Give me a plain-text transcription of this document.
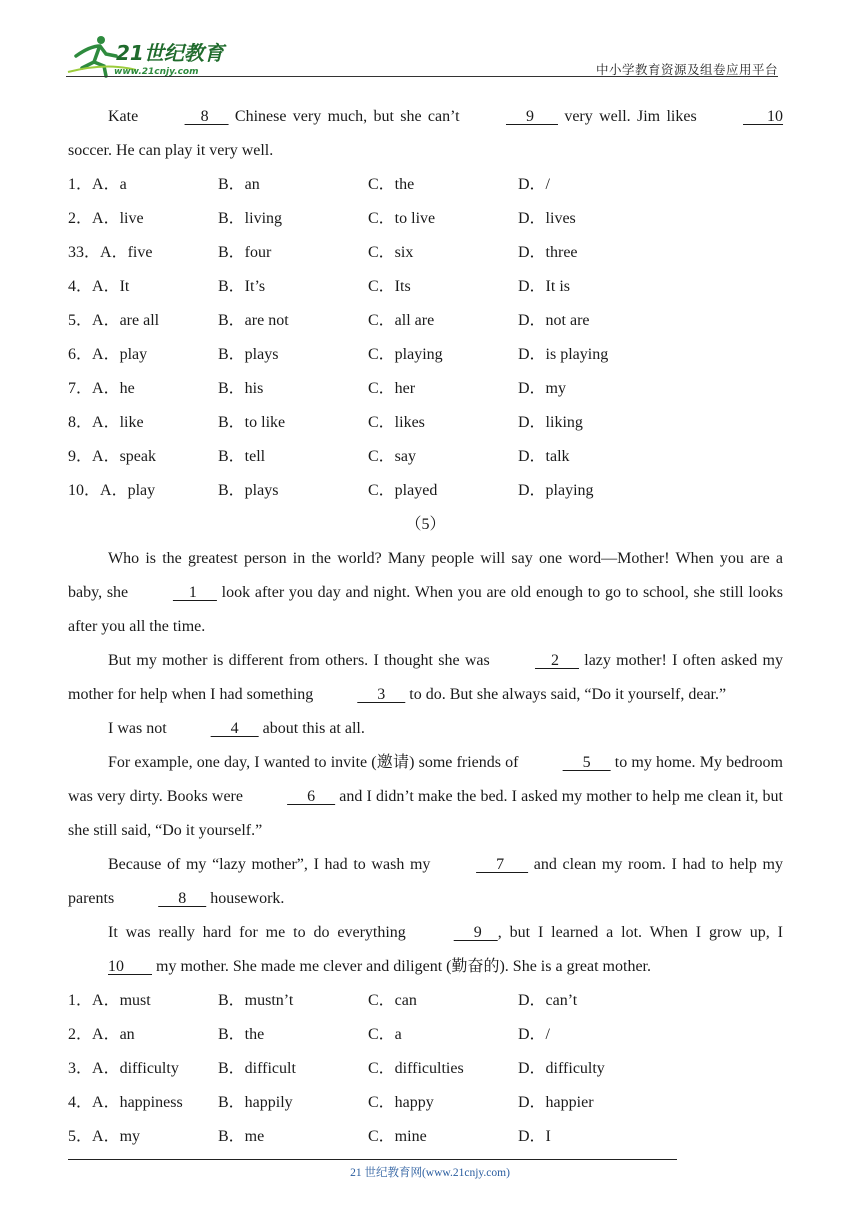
21世纪教育
www.21cnjy.com	中小学教育资源及组卷应用平台
Kate	8      Chinese very much, but she can’t	9       very well. Jim likes	10
soccer. He can play it very well.
1．A．a	B．an	C．the	D．/
2．A．live	B．living	C．to live	D．lives
33．A．five	B．four	C．six	D．three
4．A．It	B．It’s	C．Its	D．It is
5．A．are all	B．are not	C．all are	D．not are
6．A．play	B．plays	C．playing	D．is playing
7．A．he	B．his	C．her	D．my
8．A．like	B．to like	C．likes	D．liking
9．A．speak	B．tell	C．say	D．talk
10．A．play	B．plays	C．played	D．playing
（5）
Who is the greatest person in the world? Many people will say one word—Mother! When you are a baby, she	1      look after you day and night. When you are old enough to go to school, she still looks after you all the time.
But my mother is different from others. I thought she was	2      lazy mother! I often asked my mother for help when I had something	3      to do. But she always said, “Do it yourself, dear.”
I was not	4      about this at all.
For example, one day, I wanted to invite (邀请) some friends of	5      to my home. My bedroom was very dirty. Books were	6      and I didn’t make the bed. I asked my mother to help me clean it, but she still said, “Do it yourself.”
Because of my “lazy mother”, I had to wash my	7       and clean my room. I had to help my parents	8      housework.
It was really hard for me to do everything	9    , but I learned a lot. When I grow up, I 10        my mother. She made me clever and diligent (勤奋的). She is a great mother.
1．A．must	B．mustn’t	C．can	D．can’t
2．A．an	B．the	C．a	D．/
3．A．difficulty	B．difficult	C．difficulties	D．difficulty
4．A．happiness	B．happily	C．happy	D．happier
5．A．my	B．me	C．mine	D．I
21 世纪教育网(www.21cnjy.com)
